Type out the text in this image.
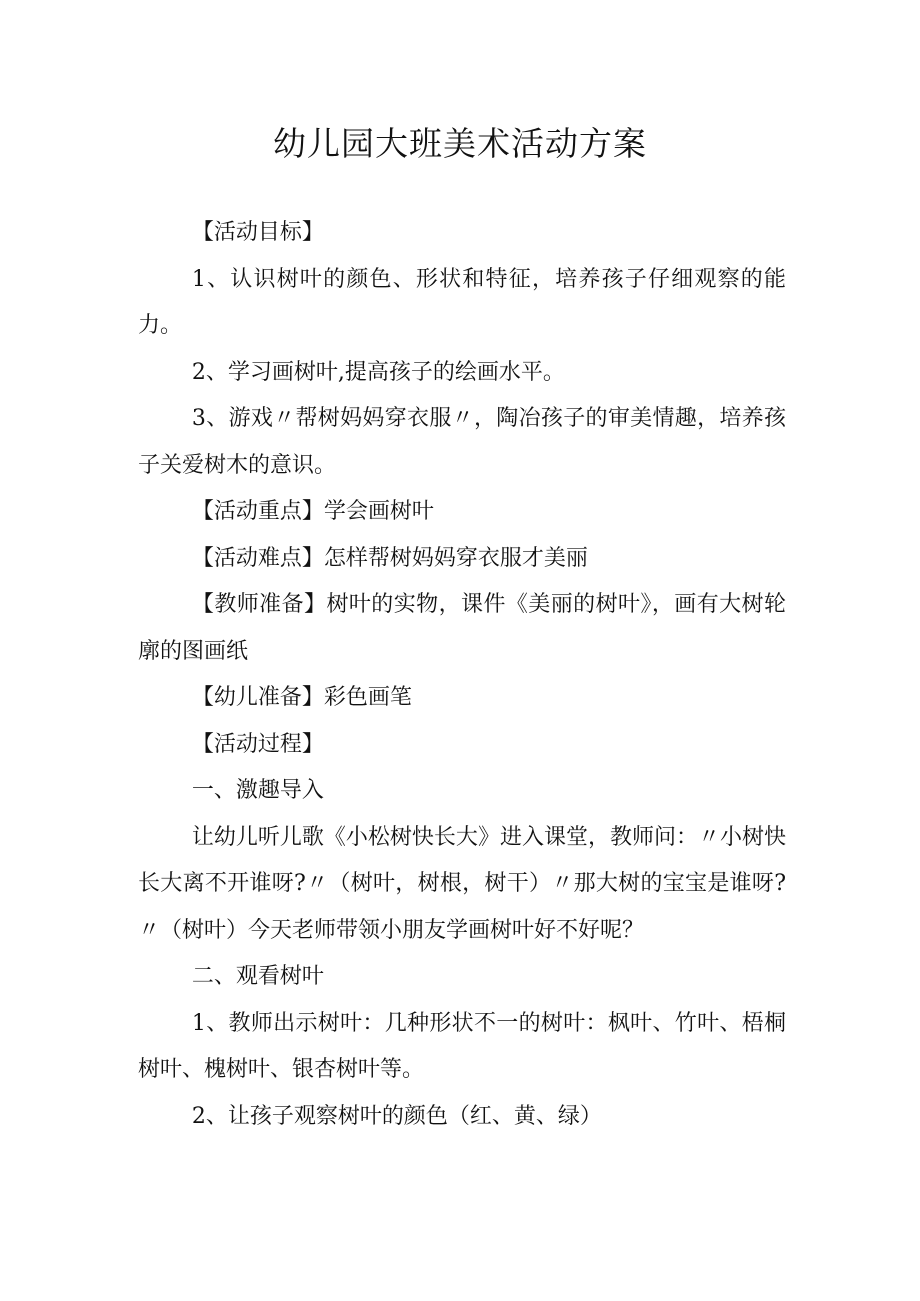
幼儿园大班美术活动方案

【活动目标】

1、认识树叶的颜色、形状和特征，培养孩子仔细观察的能力。

2、学习画树叶,提高孩子的绘画水平。

3、游戏〃帮树妈妈穿衣服〃，陶冶孩子的审美情趣，培养孩子关爱树木的意识。

【活动重点】学会画树叶

【活动难点】怎样帮树妈妈穿衣服才美丽

【教师准备】树叶的实物，课件《美丽的树叶》，画有大树轮廓的图画纸

【幼儿准备】彩色画笔

【活动过程】

一、激趣导入

让幼儿听儿歌《小松树快长大》进入课堂，教师问：〃小树快长大离不开谁呀?〃（树叶，树根，树干）〃那大树的宝宝是谁呀?〃（树叶）今天老师带领小朋友学画树叶好不好呢？

二、观看树叶

1、教师出示树叶：几种形状不一的树叶：枫叶、竹叶、梧桐树叶、槐树叶、银杏树叶等。

2、让孩子观察树叶的颜色（红、黄、绿）
